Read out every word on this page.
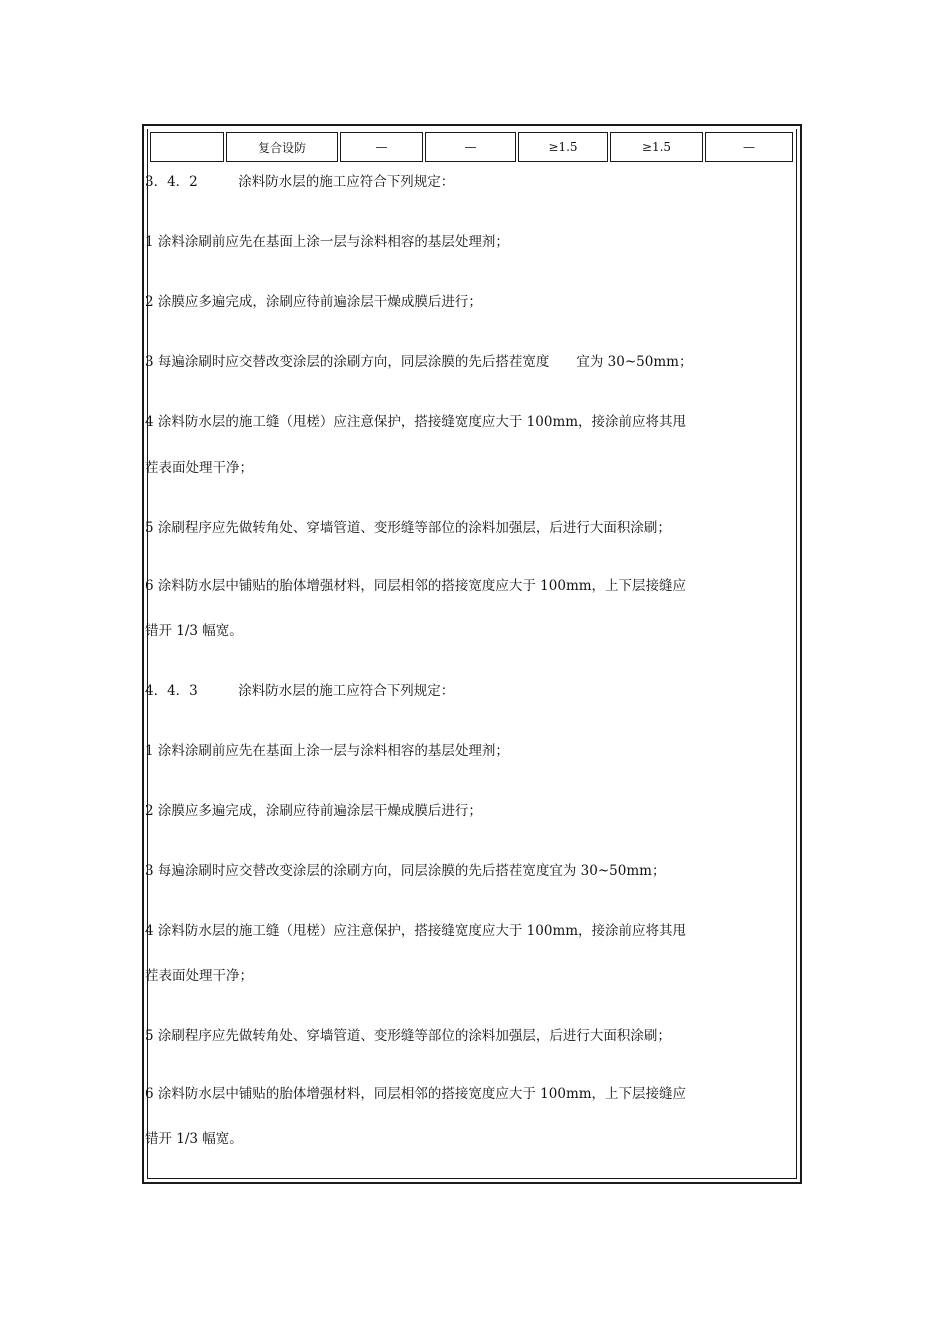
	复合设防	—	—	≥1.5	≥1.5	—
3．4．2　　　涂料防水层的施工应符合下列规定：
1 涂料涂刷前应先在基面上涂一层与涂料相容的基层处理剂；
2 涂膜应多遍完成，涂刷应待前遍涂层干燥成膜后进行；
3 每遍涂刷时应交替改变涂层的涂刷方向，同层涂膜的先后搭茬宽度　　宜为 30~50mm；
4 涂料防水层的施工缝（甩槎）应注意保护，搭接缝宽度应大于 100mm，接涂前应将其甩
茬表面处理干净；
5 涂刷程序应先做转角处、穿墙管道、变形缝等部位的涂料加强层，后进行大面积涂刷；
6 涂料防水层中铺贴的胎体增强材料，同层相邻的搭接宽度应大于 100mm，上下层接缝应
错开 1/3 幅宽。
4．4．3　　　涂料防水层的施工应符合下列规定：
1 涂料涂刷前应先在基面上涂一层与涂料相容的基层处理剂；
2 涂膜应多遍完成，涂刷应待前遍涂层干燥成膜后进行；
3 每遍涂刷时应交替改变涂层的涂刷方向，同层涂膜的先后搭茬宽度宜为 30~50mm；
4 涂料防水层的施工缝（甩槎）应注意保护，搭接缝宽度应大于 100mm，接涂前应将其甩
茬表面处理干净；
5 涂刷程序应先做转角处、穿墙管道、变形缝等部位的涂料加强层，后进行大面积涂刷；
6 涂料防水层中铺贴的胎体增强材料，同层相邻的搭接宽度应大于 100mm，上下层接缝应
错开 1/3 幅宽。
